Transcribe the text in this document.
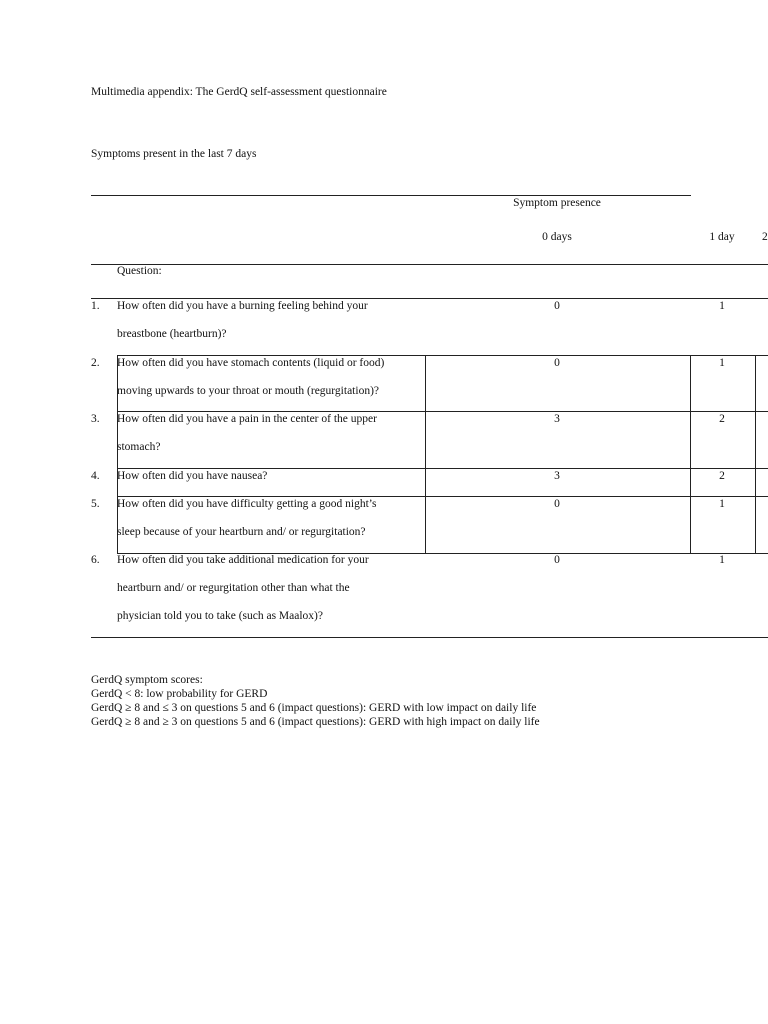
Multimedia appendix: The GerdQ self-assessment questionnaire
Symptoms present in the last 7 days
Symptom presence
0 days	1 day 2
Question:
1. How often did you have a burning feeling behind your
breastbone (heartburn)?
0	1
2. How often did you have stomach contents (liquid or food)
moving upwards to your throat or mouth (regurgitation)?
0	1
3. How often did you have a pain in the center of the upper
stomach?
3	2
4. How often did you have nausea?	3	2
5. How often did you have difficulty getting a good night’s
sleep because of your heartburn and/ or regurgitation?
0	1
6. How often did you take additional medication for your
heartburn and/ or regurgitation other than what the
physician told you to take (such as Maalox)?
0	1
GerdQ symptom scores:
GerdQ < 8: low probability for GERD
GerdQ ≥ 8 and ≤ 3 on questions 5 and 6 (impact questions): GERD with low impact on daily life
GerdQ ≥ 8 and ≥ 3 on questions 5 and 6 (impact questions): GERD with high impact on daily life
